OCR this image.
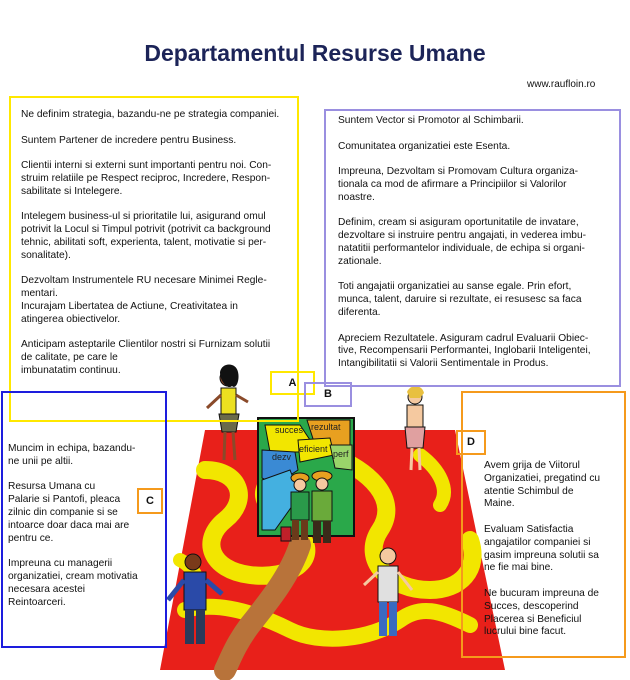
Departamentul Resurse Umane
www.raufloin.ro
succes rezultat
dezv
eficient perf

Ne definim strategia, bazandu-ne pe strategia companiei.

Suntem Partener de incredere pentru Business.

Clientii interni si externi sunt importanti pentru noi. Con-
struim relatiile pe Respect reciproc, Incredere, Respon-
sabilitate si Intelegere.

Intelegem business-ul si prioritatile lui, asigurand omul
potrivit la Locul si Timpul potrivit (potrivit ca background
tehnic, abilitati soft, experienta, talent, motivatie si per-
sonalitate).

Dezvoltam Instrumentele RU necesare Minimei Regle-
mentari.
Incurajam Libertatea de Actiune, Creativitatea in
atingerea obiectivelor.

Anticipam asteptarile Clientilor nostri si Furnizam solutii
de calitate, pe care le
imbunatatim continuu.

Suntem Vector si Promotor al Schimbarii.

Comunitatea organizatiei este Esenta.

Impreuna, Dezvoltam si Promovam Cultura organiza-
tionala ca mod de afirmare a Principiilor si Valorilor
noastre.

Definim, cream si asiguram oportunitatile de invatare,
dezvoltare si instruire pentru angajati, in vederea imbu-
natatitii performantelor individuale, de echipa si organi-
zationale.

Toti angajatii organizatiei au sanse egale. Prin efort,
munca, talent, daruire si rezultate, ei resusesc sa faca
diferenta.

Apreciem Rezultatele. Asiguram cadrul Evaluarii Obiec-
tive, Recompensarii Performantei, Inglobarii Inteligentei,
Intangibilitatii si Valorii Sentimentale in Produs.

Muncim in echipa, bazandu-
ne unii pe altii.

Resursa Umana cu
Palarie si Pantofi, pleaca
zilnic din companie si se
intoarce doar daca mai are
pentru ce.

Impreuna cu managerii
organizatiei, cream motivatia
necesara acestei
Reintoarceri.

Avem grija de Viitorul
Organizatiei, pregatind cu
atentie Schimbul de
Maine.

Evaluam Satisfactia
angajatilor companiei si
gasim impreuna solutii sa
ne fie mai bine.

Ne bucuram impreuna de
Succes, descoperind
Placerea si Beneficiul
lucrului bine facut.

A
B
C
D
